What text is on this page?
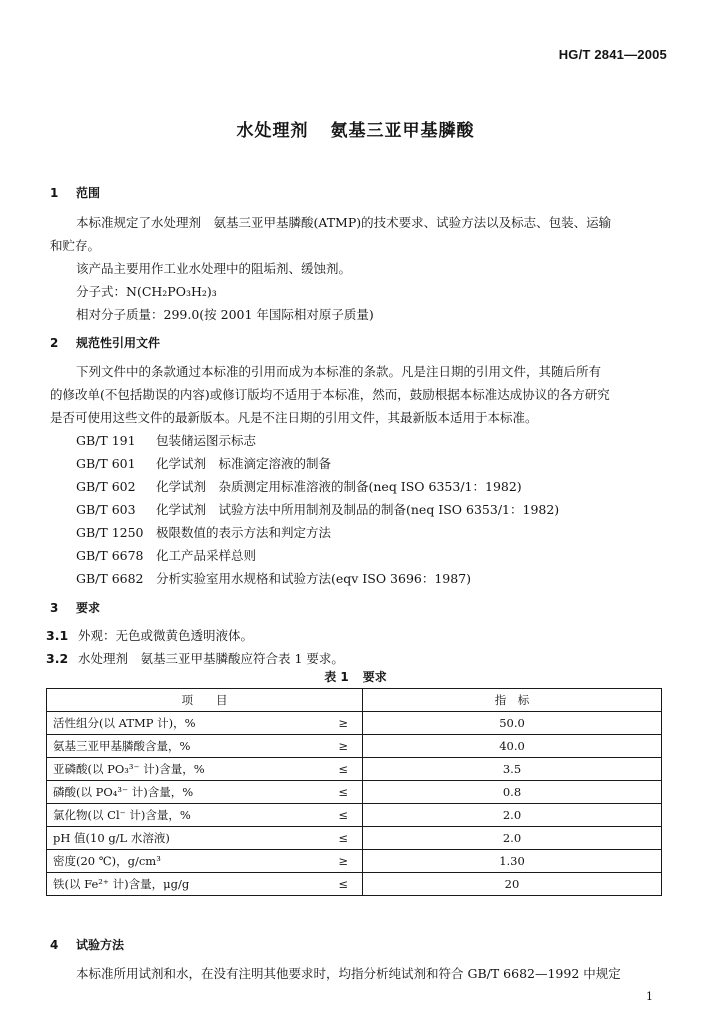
HG/T 2841—2005
水处理剂 氨基三亚甲基膦酸
1 范围
本标准规定了水处理剂　氨基三亚甲基膦酸(ATMP)的技术要求、试验方法以及标志、包装、运输
和贮存。
该产品主要用作工业水处理中的阻垢剂、缓蚀剂。
分子式：N(CH₂PO₃H₂)₃
相对分子质量：299.0(按 2001 年国际相对原子质量)
2 规范性引用文件
下列文件中的条款通过本标准的引用而成为本标准的条款。凡是注日期的引用文件，其随后所有
的修改单(不包括勘误的内容)或修订版均不适用于本标准，然而，鼓励根据本标准达成协议的各方研究
是否可使用这些文件的最新版本。凡是不注日期的引用文件，其最新版本适用于本标准。
GB/T 191 包装储运图示标志
GB/T 601 化学试剂　标准滴定溶液的制备
GB/T 602 化学试剂　杂质测定用标准溶液的制备(neq ISO 6353/1：1982)
GB/T 603 化学试剂　试验方法中所用制剂及制品的制备(neq ISO 6353/1：1982)
GB/T 1250 极限数值的表示方法和判定方法
GB/T 6678 化工产品采样总则
GB/T 6682 分析实验室用水规格和试验方法(eqv ISO 3696：1987)
3 要求
3.1 外观：无色或微黄色透明液体。
3.2 水处理剂　氨基三亚甲基膦酸应符合表 1 要求。
表 1 要求
项　　目		指　标
活性组分(以 ATMP 计)，%	≥	50.0
氨基三亚甲基膦酸含量，%	≥	40.0
亚磷酸(以 PO₃³⁻ 计)含量，%	≤	3.5
磷酸(以 PO₄³⁻ 计)含量，%	≤	0.8
氯化物(以 Cl⁻ 计)含量，%	≤	2.0
pH 值(10 g/L 水溶液)	≤	2.0
密度(20 ℃)，g/cm³	≥	1.30
铁(以 Fe²⁺ 计)含量，μg/g	≤	20
4 试验方法
本标准所用试剂和水，在没有注明其他要求时，均指分析纯试剂和符合 GB/T 6682—1992 中规定
1
